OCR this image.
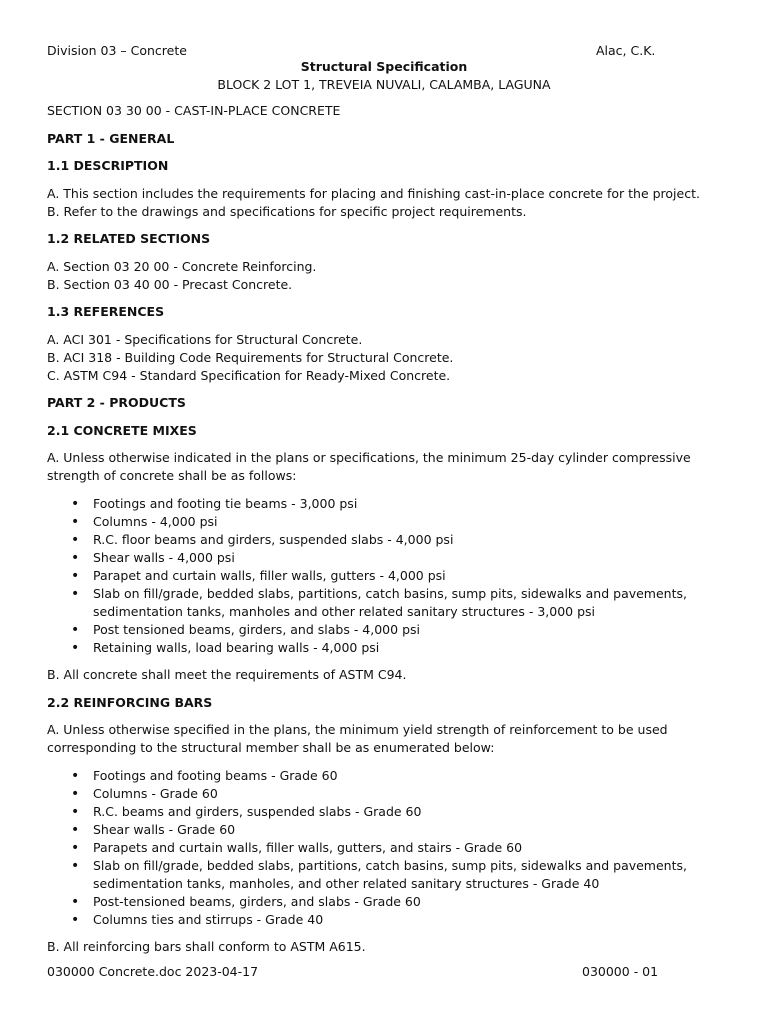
Division 03 – Concrete	Alac, C.K.
Structural Specification
BLOCK 2 LOT 1, TREVEIA NUVALI, CALAMBA, LAGUNA

SECTION 03 30 00 - CAST-IN-PLACE CONCRETE

PART 1 - GENERAL

1.1 DESCRIPTION

A. This section includes the requirements for placing and finishing cast-in-place concrete for the project.
B. Refer to the drawings and specifications for specific project requirements.

1.2 RELATED SECTIONS

A. Section 03 20 00 - Concrete Reinforcing.
B. Section 03 40 00 - Precast Concrete.

1.3 REFERENCES

A. ACI 301 - Specifications for Structural Concrete.
B. ACI 318 - Building Code Requirements for Structural Concrete.
C. ASTM C94 - Standard Specification for Ready-Mixed Concrete.

PART 2 - PRODUCTS

2.1 CONCRETE MIXES

A. Unless otherwise indicated in the plans or specifications, the minimum 25-day cylinder compressive strength of concrete shall be as follows:

• Footings and footing tie beams - 3,000 psi
• Columns - 4,000 psi
• R.C. floor beams and girders, suspended slabs - 4,000 psi
• Shear walls - 4,000 psi
• Parapet and curtain walls, filler walls, gutters - 4,000 psi
• Slab on fill/grade, bedded slabs, partitions, catch basins, sump pits, sidewalks and pavements, sedimentation tanks, manholes and other related sanitary structures - 3,000 psi
• Post tensioned beams, girders, and slabs - 4,000 psi
• Retaining walls, load bearing walls - 4,000 psi

B. All concrete shall meet the requirements of ASTM C94.

2.2 REINFORCING BARS

A. Unless otherwise specified in the plans, the minimum yield strength of reinforcement to be used corresponding to the structural member shall be as enumerated below:

• Footings and footing beams - Grade 60
• Columns - Grade 60
• R.C. beams and girders, suspended slabs - Grade 60
• Shear walls - Grade 60
• Parapets and curtain walls, filler walls, gutters, and stairs - Grade 60
• Slab on fill/grade, bedded slabs, partitions, catch basins, sump pits, sidewalks and pavements, sedimentation tanks, manholes, and other related sanitary structures - Grade 40
• Post-tensioned beams, girders, and slabs - Grade 60
• Columns ties and stirrups - Grade 40

B. All reinforcing bars shall conform to ASTM A615.

030000 Concrete.doc 2023-04-17	030000 - 01
